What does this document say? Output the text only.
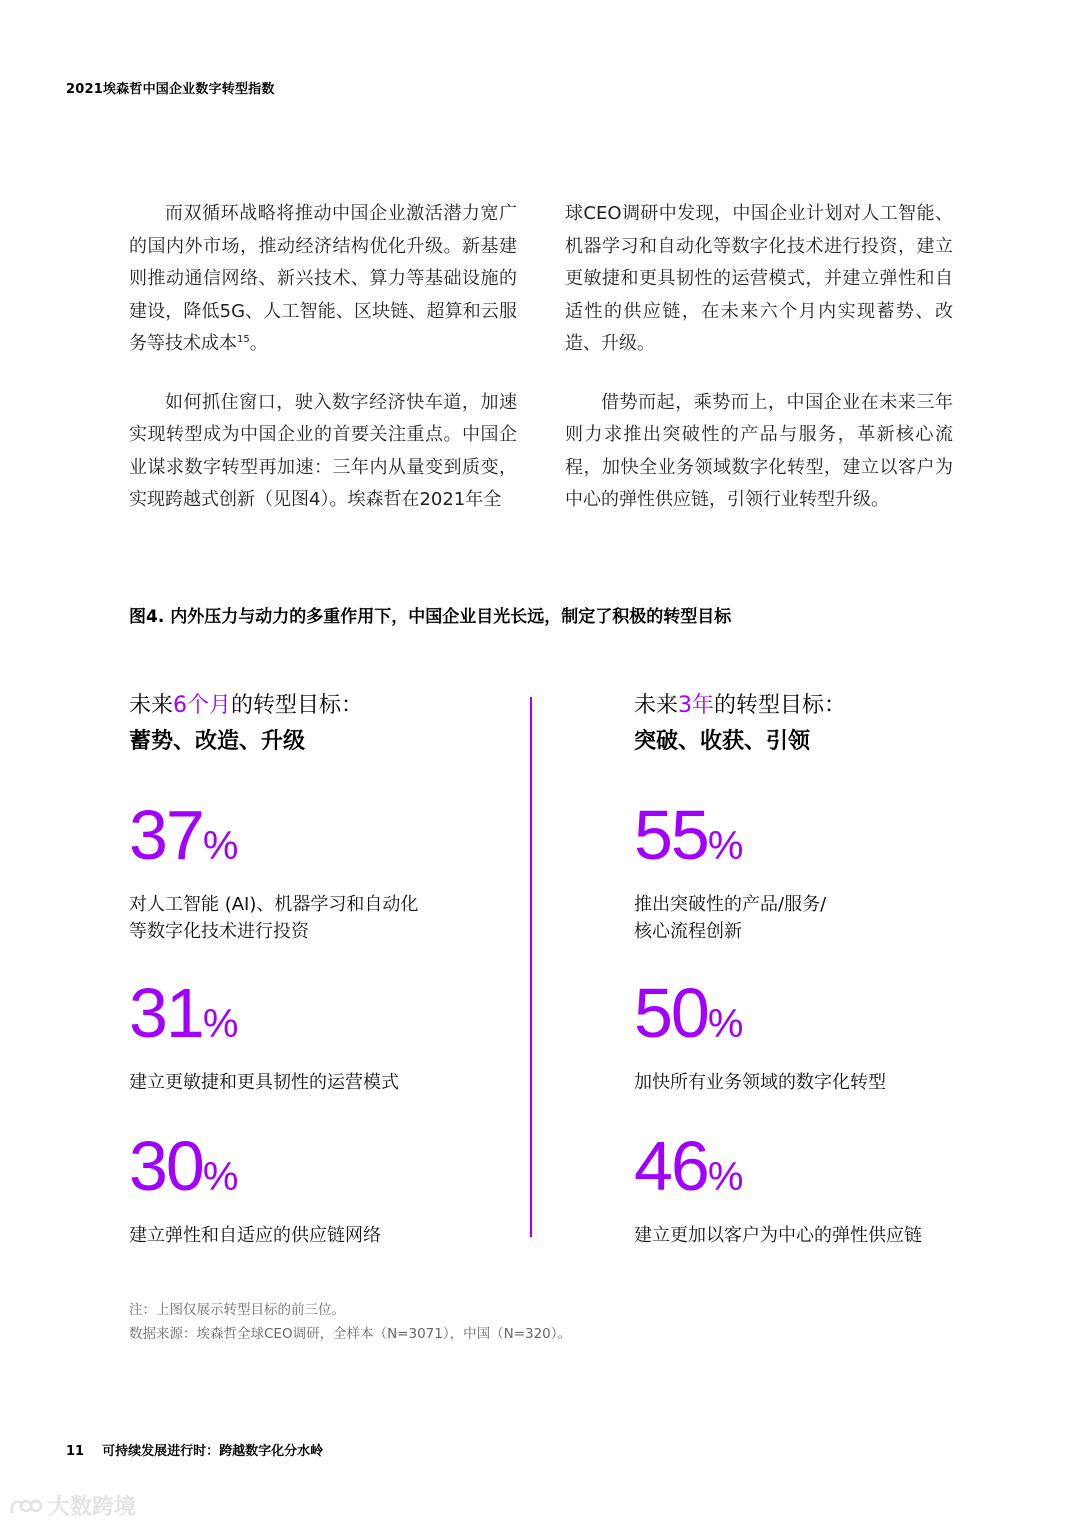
2021埃森哲中国企业数字转型指数

而双循环战略将推动中国企业激活潜力宽广的国内外市场，推动经济结构优化升级。新基建则推动通信网络、新兴技术、算力等基础设施的建设，降低5G、人工智能、区块链、超算和云服务等技术成本$^{15}$。

如何抓住窗口，驶入数字经济快车道，加速实现转型成为中国企业的首要关注重点。中国企业谋求数字转型再加速：三年内从量变到质变，实现跨越式创新（见图4）。埃森哲在2021年全

球CEO调研中发现，中国企业计划对人工智能、机器学习和自动化等数字化技术进行投资，建立更敏捷和更具韧性的运营模式，并建立弹性和自适性的供应链，在未来六个月内实现蓄势、改造、升级。

借势而起，乘势而上，中国企业在未来三年则力求推出突破性的产品与服务，革新核心流程，加快全业务领域数字化转型，建立以客户为中心的弹性供应链，引领行业转型升级。

图4. 内外压力与动力的多重作用下，中国企业目光长远，制定了积极的转型目标
未来6个月的转型目标：
蓄势、改造、升级
37%
对人工智能 (AI)、机器学习和自动化
等数字化技术进行投资
31%
建立更敏捷和更具韧性的运营模式
30%
建立弹性和自适应的供应链网络
未来3年的转型目标：
突破、收获、引领
55%
推出突破性的产品/服务/
核心流程创新
50%
加快所有业务领域的数字化转型
46%
建立更加以客户为中心的弹性供应链
注：上图仅展示转型目标的前三位。
数据来源：埃森哲全球CEO调研，全样本（N=3071），中国（N=320）。
11 可持续发展进行时：跨越数字化分水岭
大数跨境
